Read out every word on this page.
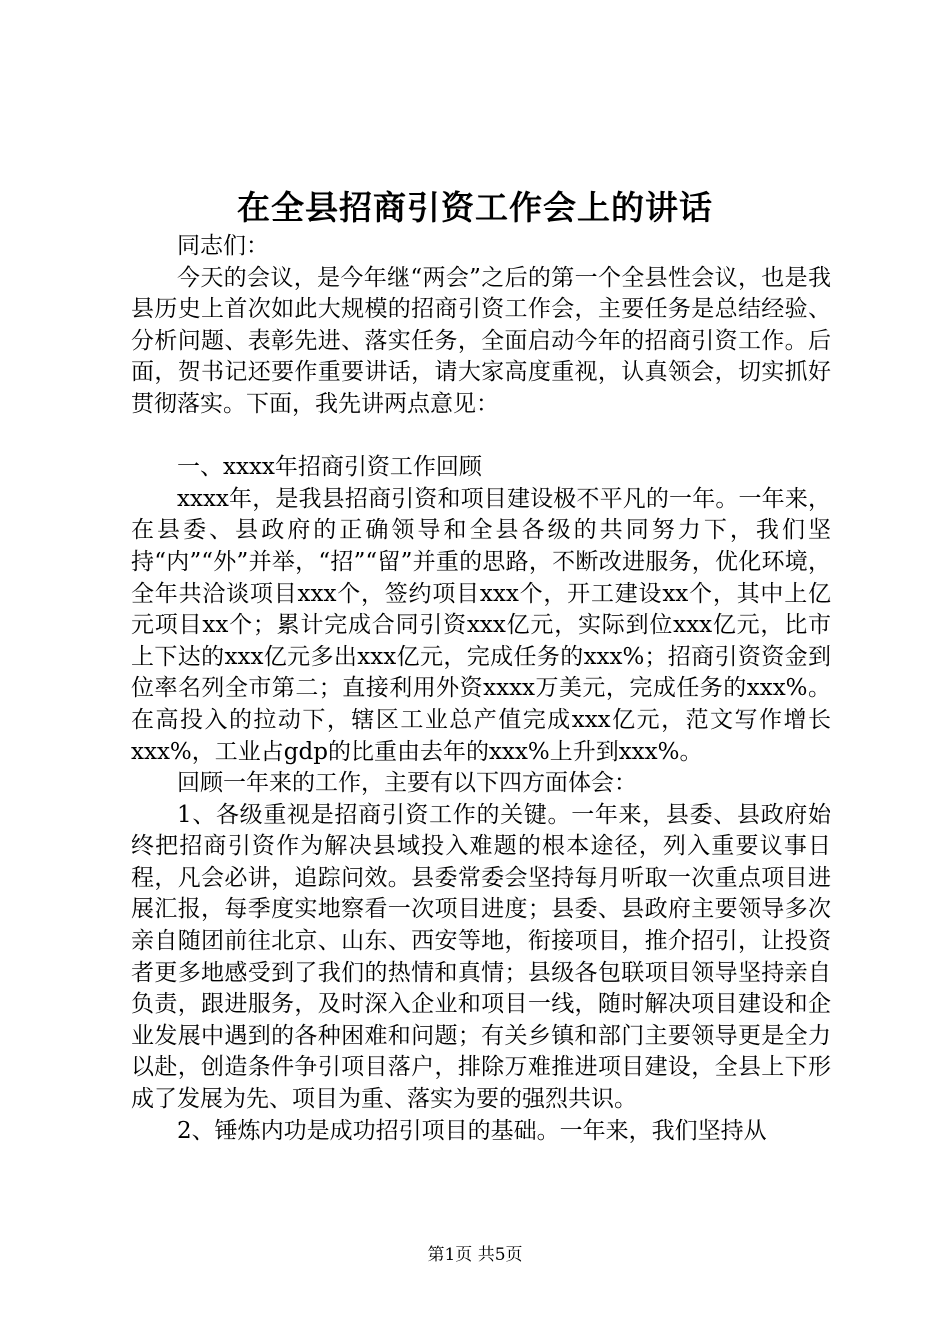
在全县招商引资工作会上的讲话

同志们：

今天的会议，是今年继“两会”之后的第一个全县性会议，也是我县历史上首次如此大规模的招商引资工作会，主要任务是总结经验、分析问题、表彰先进、落实任务，全面启动今年的招商引资工作。后面，贺书记还要作重要讲话，请大家高度重视，认真领会，切实抓好贯彻落实。下面，我先讲两点意见：

一、xxxx年招商引资工作回顾

xxxx年，是我县招商引资和项目建设极不平凡的一年。一年来，在县委、县政府的正确领导和全县各级的共同努力下，我们坚持“内”“外”并举，“招”“留”并重的思路，不断改进服务，优化环境，全年共洽谈项目xxx个，签约项目xxx个，开工建设xx个，其中上亿元项目xx个；累计完成合同引资xxx亿元，实际到位xxx亿元，比市上下达的xxx亿元多出xxx亿元，完成任务的xxx%；招商引资资金到位率名列全市第二；直接利用外资xxxx万美元，完成任务的xxx%。在高投入的拉动下，辖区工业总产值完成xxx亿元，范文写作增长xxx%，工业占gdp的比重由去年的xxx%上升到xxx%。

回顾一年来的工作，主要有以下四方面体会：

1、各级重视是招商引资工作的关键。一年来，县委、县政府始终把招商引资作为解决县域投入难题的根本途径，列入重要议事日程，凡会必讲，追踪问效。县委常委会坚持每月听取一次重点项目进展汇报，每季度实地察看一次项目进度；县委、县政府主要领导多次亲自随团前往北京、山东、西安等地，衔接项目，推介招引，让投资者更多地感受到了我们的热情和真情；县级各包联项目领导坚持亲自负责，跟进服务，及时深入企业和项目一线，随时解决项目建设和企业发展中遇到的各种困难和问题；有关乡镇和部门主要领导更是全力以赴，创造条件争引项目落户，排除万难推进项目建设，全县上下形成了发展为先、项目为重、落实为要的强烈共识。

2、锤炼内功是成功招引项目的基础。一年来，我们坚持从

第1页 共5页
